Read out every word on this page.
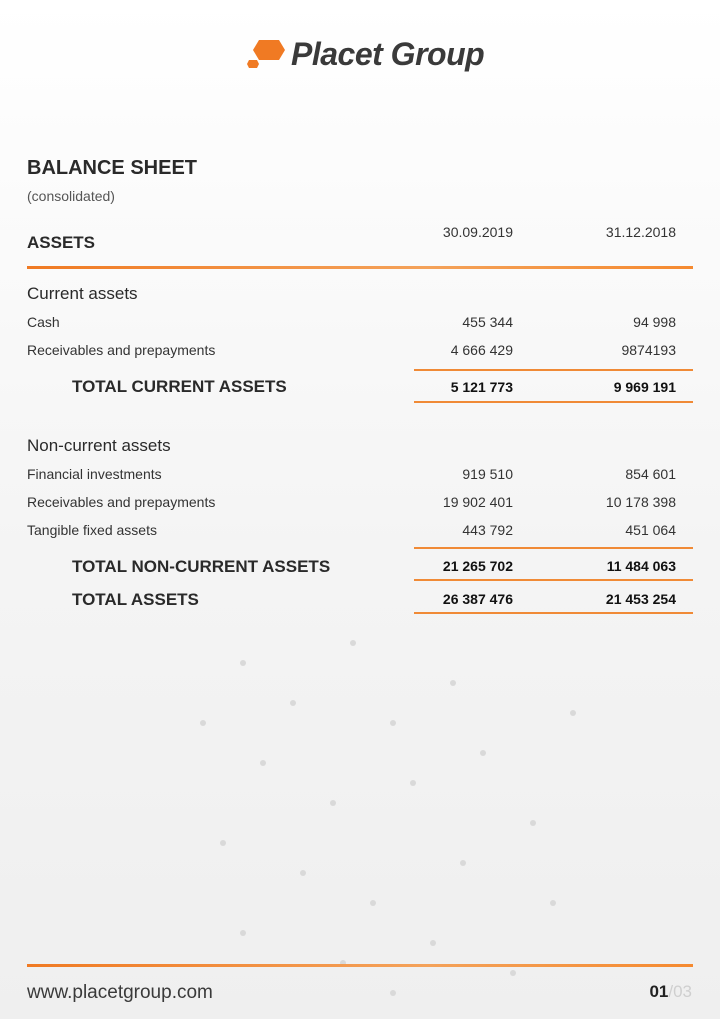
Placet Group
BALANCE SHEET
(consolidated)
ASSETS
30.09.2019	31.12.2018
Current assets
Cash	455 344	94 998
Receivables and prepayments	4 666 429	9874193
TOTAL CURRENT ASSETS	5 121 773	9 969 191
Non-current assets
Financial investments	919 510	854 601
Receivables and prepayments	19 902 401	10 178 398
Tangible fixed assets	443 792	451 064
TOTAL NON-CURRENT ASSETS	21 265 702	11 484 063
TOTAL ASSETS	26 387 476	21 453 254
www.placetgroup.com	01/03
